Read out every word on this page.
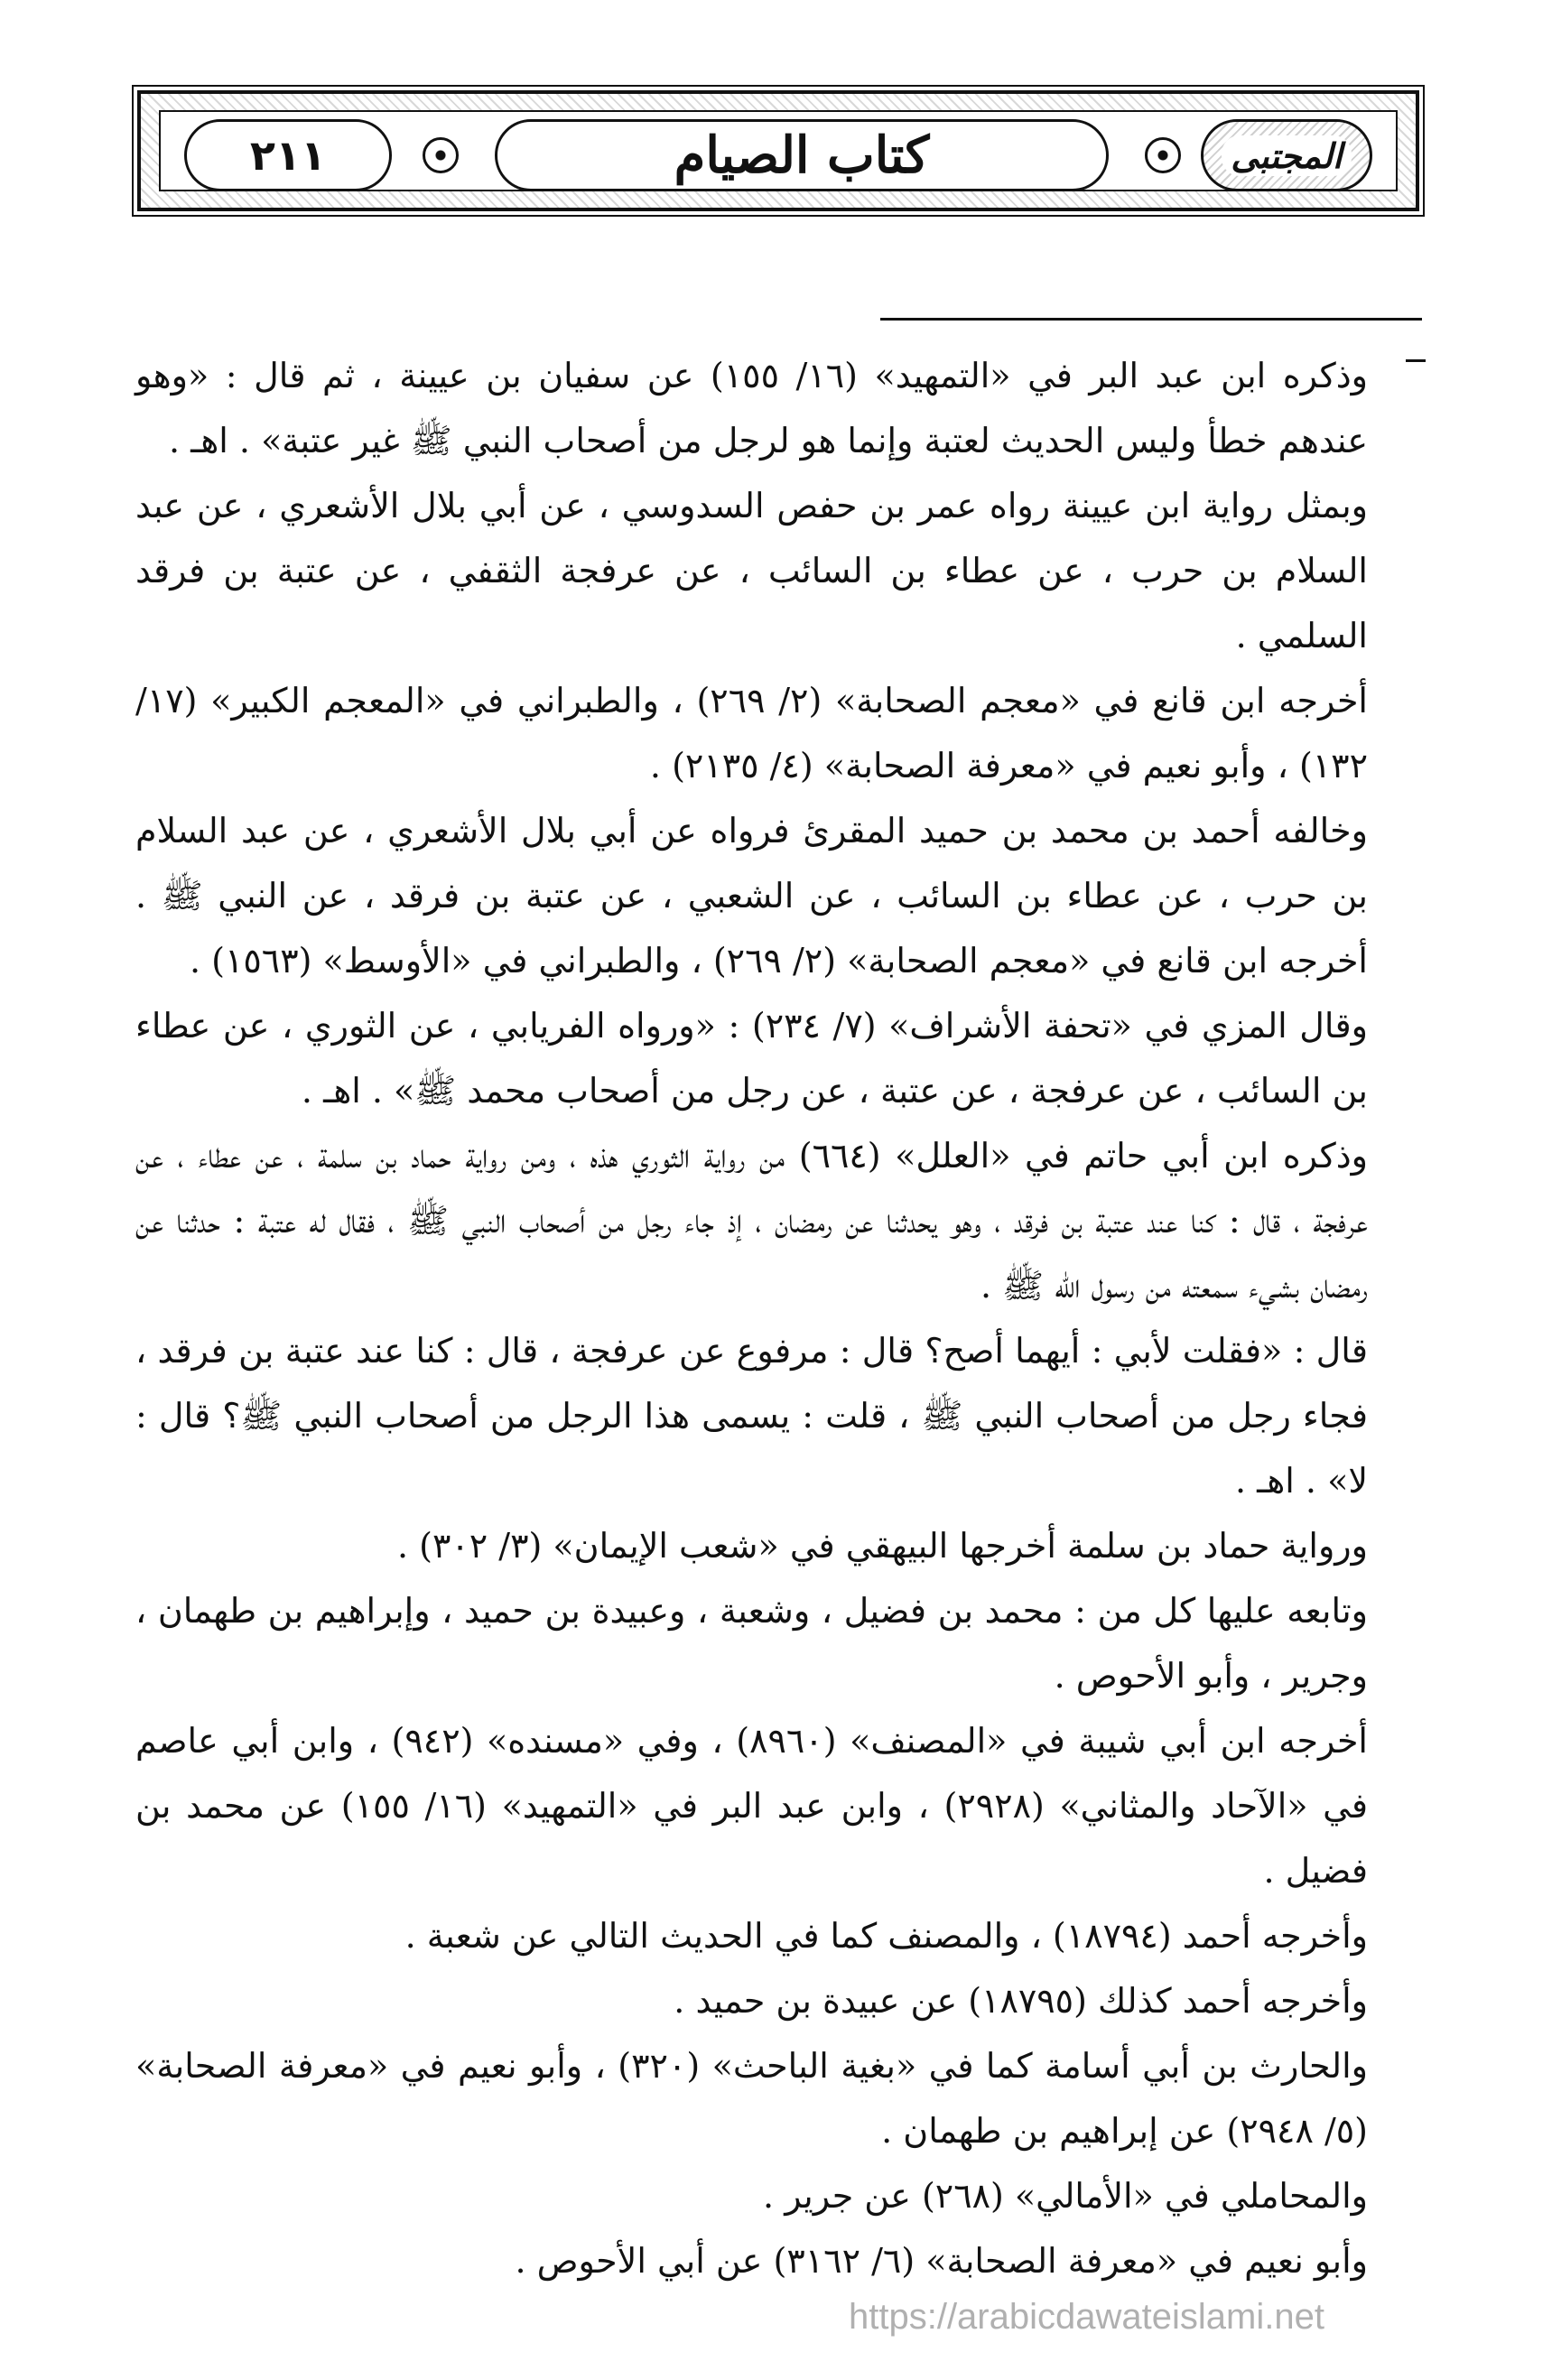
٢١١	كتاب الصيام	المجتبى

وذكره ابن عبد البر في «التمهيد» (١٦/ ١٥٥) عن سفيان بن عيينة ، ثم قال : «وهو عندهم خطأ وليس الحديث لعتبة وإنما هو لرجل من أصحاب النبي ﷺ غير عتبة» . اهـ .

وبمثل رواية ابن عيينة رواه عمر بن حفص السدوسي ، عن أبي بلال الأشعري ، عن عبد السلام بن حرب ، عن عطاء بن السائب ، عن عرفجة الثقفي ، عن عتبة بن فرقد السلمي .

أخرجه ابن قانع في «معجم الصحابة» (٢/ ٢٦٩) ، والطبراني في «المعجم الكبير» (١٧/ ١٣٢) ، وأبو نعيم في «معرفة الصحابة» (٤/ ٢١٣٥) .

وخالفه أحمد بن محمد بن حميد المقرئ فرواه عن أبي بلال الأشعري ، عن عبد السلام بن حرب ، عن عطاء بن السائب ، عن الشعبي ، عن عتبة بن فرقد ، عن النبي ﷺ . أخرجه ابن قانع في «معجم الصحابة» (٢/ ٢٦٩) ، والطبراني في «الأوسط» (١٥٦٣) .

وقال المزي في «تحفة الأشراف» (٧/ ٢٣٤) : «ورواه الفريابي ، عن الثوري ، عن عطاء بن السائب ، عن عرفجة ، عن عتبة ، عن رجل من أصحاب محمد ﷺ» . اهـ .

وذكره ابن أبي حاتم في «العلل» (٦٦٤) من رواية الثوري هذه ، ومن رواية حماد بن سلمة ، عن عطاء ، عن عرفجة ، قال : كنا عند عتبة بن فرقد ، وهو يحدثنا عن رمضان ، إذ جاء رجل من أصحاب النبي ﷺ ، فقال له عتبة : حدثنا عن رمضان بشيء سمعته من رسول الله ﷺ .

قال : «فقلت لأبي : أيهما أصح؟ قال : مرفوع عن عرفجة ، قال : كنا عند عتبة بن فرقد ، فجاء رجل من أصحاب النبي ﷺ ، قلت : يسمى هذا الرجل من أصحاب النبي ﷺ؟ قال : لا» . اهـ .

ورواية حماد بن سلمة أخرجها البيهقي في «شعب الإيمان» (٣/ ٣٠٢) .

وتابعه عليها كل من : محمد بن فضيل ، وشعبة ، وعبيدة بن حميد ، وإبراهيم بن طهمان ، وجرير ، وأبو الأحوص .

أخرجه ابن أبي شيبة في «المصنف» (٨٩٦٠) ، وفي «مسنده» (٩٤٢) ، وابن أبي عاصم في «الآحاد والمثاني» (٢٩٢٨) ، وابن عبد البر في «التمهيد» (١٦/ ١٥٥) عن محمد بن فضيل .

وأخرجه أحمد (١٨٧٩٤) ، والمصنف كما في الحديث التالي عن شعبة .

وأخرجه أحمد كذلك (١٨٧٩٥) عن عبيدة بن حميد .

والحارث بن أبي أسامة كما في «بغية الباحث» (٣٢٠) ، وأبو نعيم في «معرفة الصحابة» (٥/ ٢٩٤٨) عن إبراهيم بن طهمان .

والمحاملي في «الأمالي» (٢٦٨) عن جرير .

وأبو نعيم في «معرفة الصحابة» (٦/ ٣١٦٢) عن أبي الأحوص .

https://arabicdawateislami.net
